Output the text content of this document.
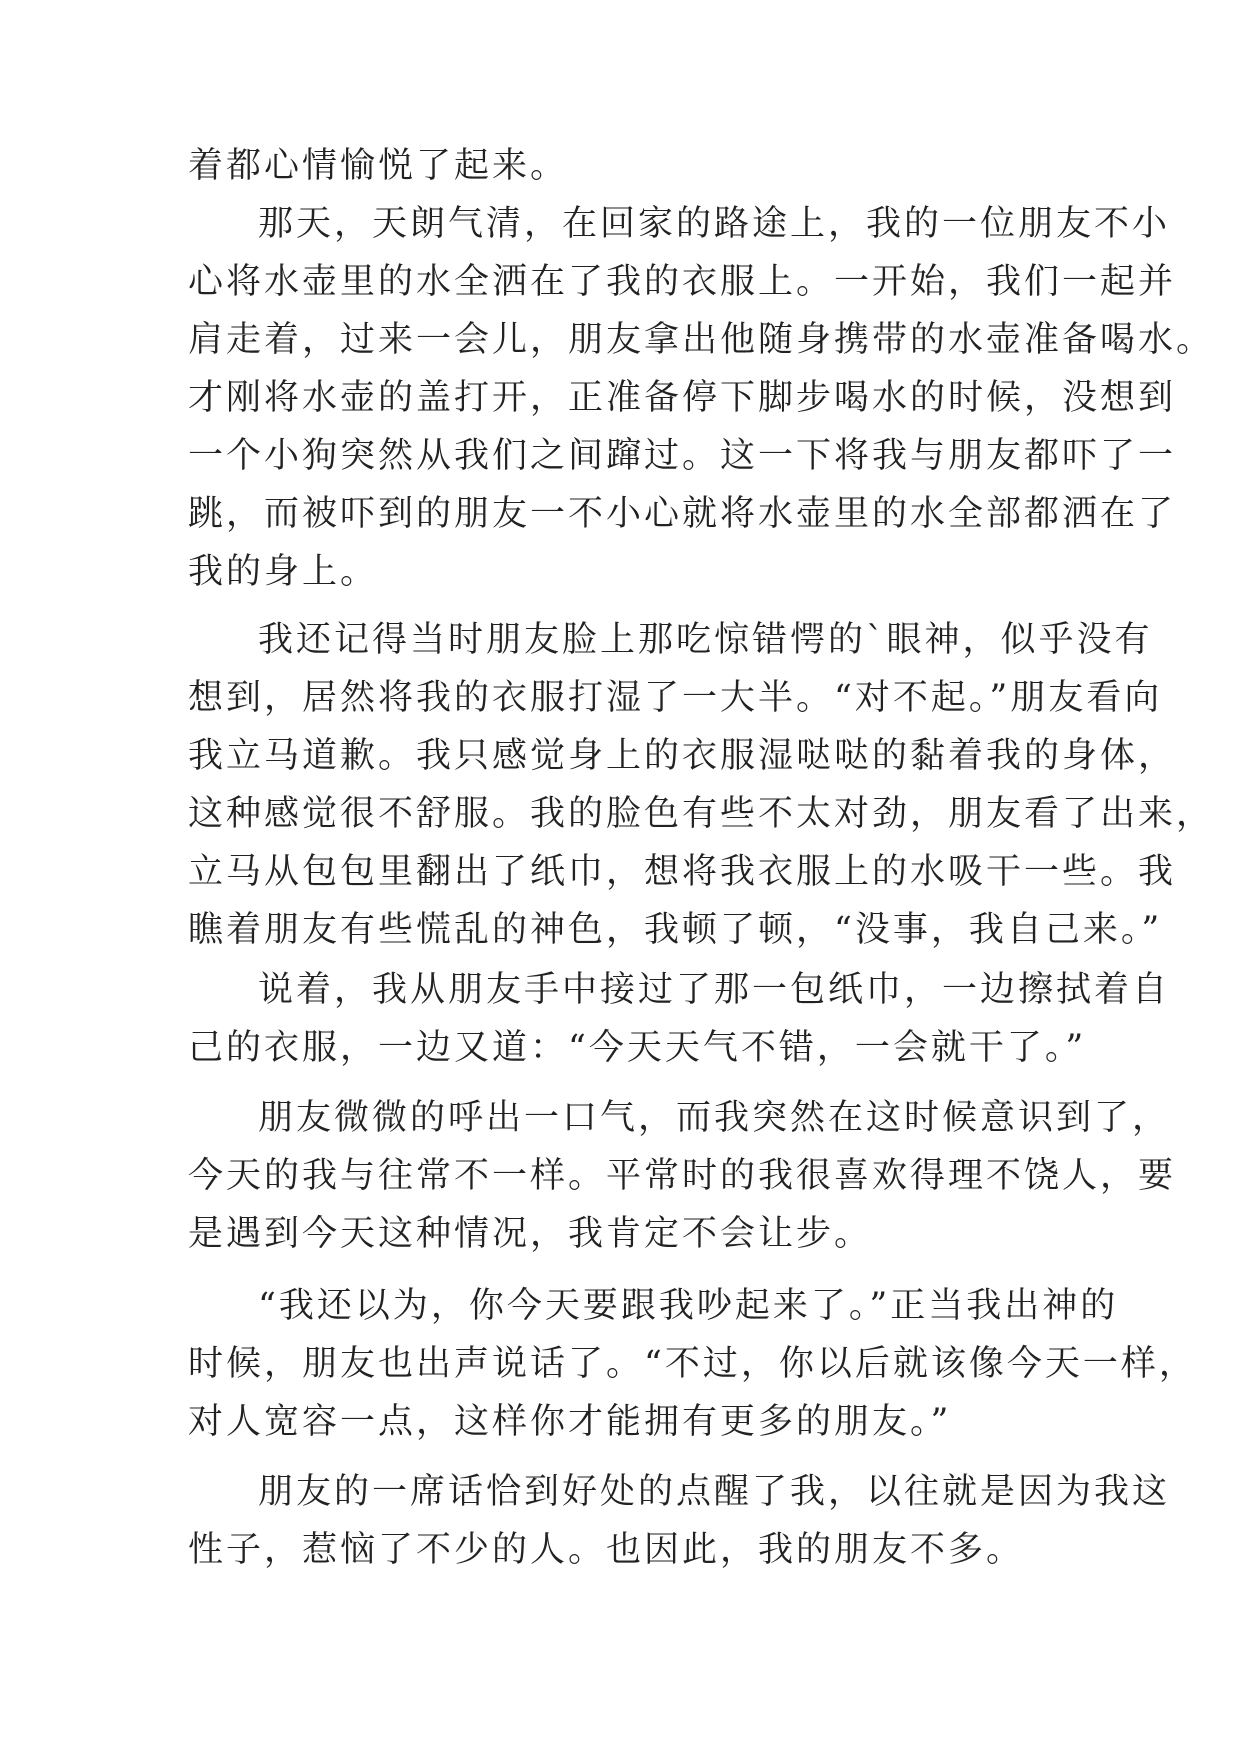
着都心情愉悦了起来。
那天，天朗气清，在回家的路途上，我的一位朋友不小
心将水壶里的水全洒在了我的衣服上。一开始，我们一起并
肩走着，过来一会儿，朋友拿出他随身携带的水壶准备喝水。
才刚将水壶的盖打开，正准备停下脚步喝水的时候，没想到
一个小狗突然从我们之间蹿过。这一下将我与朋友都吓了一
跳，而被吓到的朋友一不小心就将水壶里的水全部都洒在了
我的身上。
我还记得当时朋友脸上那吃惊错愕的`眼神，似乎没有
想到，居然将我的衣服打湿了一大半。“对不起。”朋友看向
我立马道歉。我只感觉身上的衣服湿哒哒的黏着我的身体，
这种感觉很不舒服。我的脸色有些不太对劲，朋友看了出来，
立马从包包里翻出了纸巾，想将我衣服上的水吸干一些。我
瞧着朋友有些慌乱的神色，我顿了顿，“没事，我自己来。”
说着，我从朋友手中接过了那一包纸巾，一边擦拭着自
己的衣服，一边又道：“今天天气不错，一会就干了。”
朋友微微的呼出一口气，而我突然在这时候意识到了，
今天的我与往常不一样。平常时的我很喜欢得理不饶人，要
是遇到今天这种情况，我肯定不会让步。
“我还以为，你今天要跟我吵起来了。”正当我出神的
时候，朋友也出声说话了。“不过，你以后就该像今天一样，
对人宽容一点，这样你才能拥有更多的朋友。”
朋友的一席话恰到好处的点醒了我，以往就是因为我这
性子，惹恼了不少的人。也因此，我的朋友不多。
